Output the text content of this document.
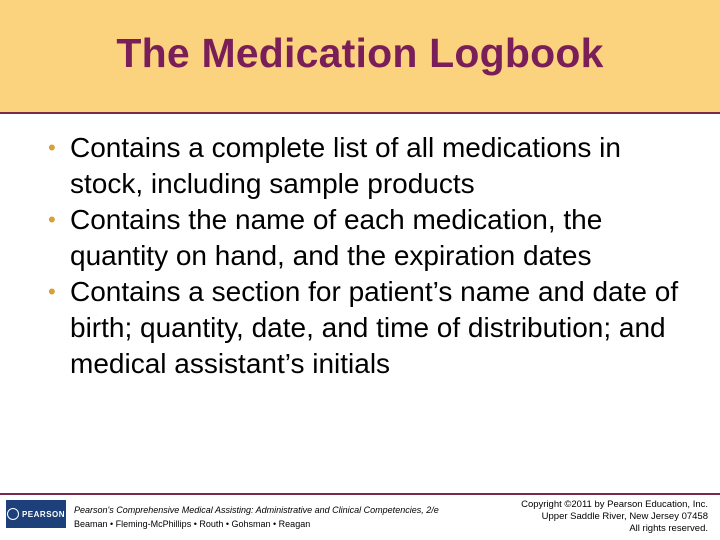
The Medication Logbook
• Contains a complete list of all medications in stock, including sample products
• Contains the name of each medication, the quantity on hand, and the expiration dates
• Contains a section for patient’s name and date of birth; quantity, date, and time of distribution; and medical assistant’s initials
PEARSON Pearson's Comprehensive Medical Assisting: Administrative and Clinical Competencies, 2/e
Beaman • Fleming-McPhillips • Routh • Gohsman • Reagan
Copyright ©2011 by Pearson Education, Inc.
Upper Saddle River, New Jersey 07458
All rights reserved.
